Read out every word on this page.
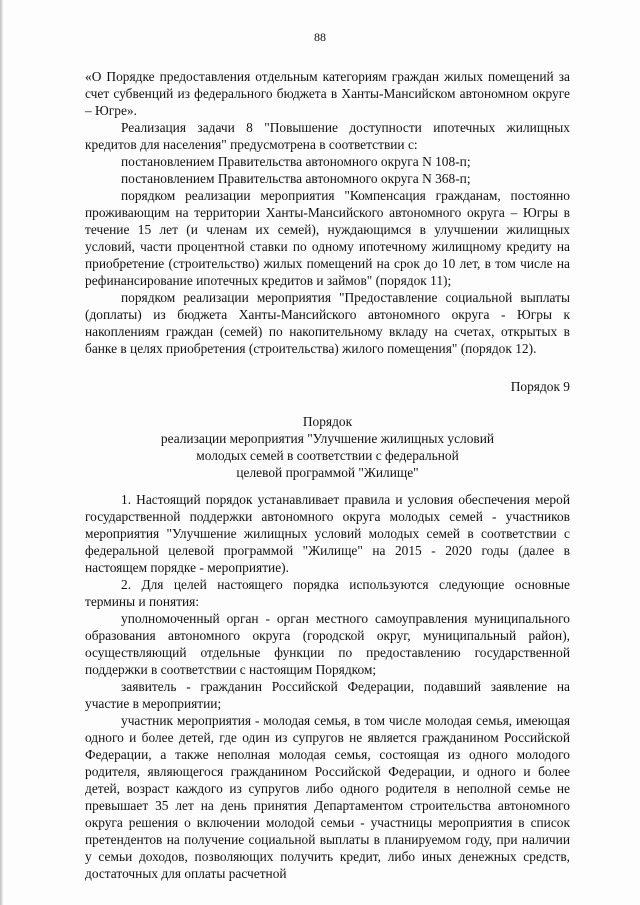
88

«О Порядке предоставления отдельным категориям граждан жилых помещений за счет субвенций из федерального бюджета в Ханты-Мансийском автономном округе – Югре».

Реализация задачи 8 "Повышение доступности ипотечных жилищных кредитов для населения" предусмотрена в соответствии с:

постановлением Правительства автономного округа N 108-п;

постановлением Правительства автономного округа N 368-п;

порядком реализации мероприятия "Компенсация гражданам, постоянно проживающим на территории Ханты-Мансийского автономного округа – Югры в течение 15 лет (и членам их семей), нуждающимся в улучшении жилищных условий, части процентной ставки по одному ипотечному жилищному кредиту на приобретение (строительство) жилых помещений на срок до 10 лет, в том числе на рефинансирование ипотечных кредитов и займов" (порядок 11);

порядком реализации мероприятия "Предоставление социальной выплаты (доплаты) из бюджета Ханты-Мансийского автономного округа - Югры к накоплениям граждан (семей) по накопительному вкладу на счетах, открытых в банке в целях приобретения (строительства) жилого помещения" (порядок 12).

Порядок 9
Порядок
реализации мероприятия "Улучшение жилищных условий
молодых семей в соответствии с федеральной
целевой программой "Жилище"

1. Настоящий порядок устанавливает правила и условия обеспечения мерой государственной поддержки автономного округа молодых семей - участников мероприятия "Улучшение жилищных условий молодых семей в соответствии с федеральной целевой программой "Жилище" на 2015 - 2020 годы (далее в настоящем порядке - мероприятие).

2. Для целей настоящего порядка используются следующие основные термины и понятия:

уполномоченный орган - орган местного самоуправления муниципального образования автономного округа (городской округ, муниципальный район), осуществляющий отдельные функции по предоставлению государственной поддержки в соответствии с настоящим Порядком;

заявитель - гражданин Российской Федерации, подавший заявление на участие в мероприятии;

участник мероприятия - молодая семья, в том числе молодая семья, имеющая одного и более детей, где один из супругов не является гражданином Российской Федерации, а также неполная молодая семья, состоящая из одного молодого родителя, являющегося гражданином Российской Федерации, и одного и более детей, возраст каждого из супругов либо одного родителя в неполной семье не превышает 35 лет на день принятия Департаментом строительства автономного округа решения о включении молодой семьи - участницы мероприятия в список претендентов на получение социальной выплаты в планируемом году, при наличии у семьи доходов, позволяющих получить кредит, либо иных денежных средств, достаточных для оплаты расчетной
